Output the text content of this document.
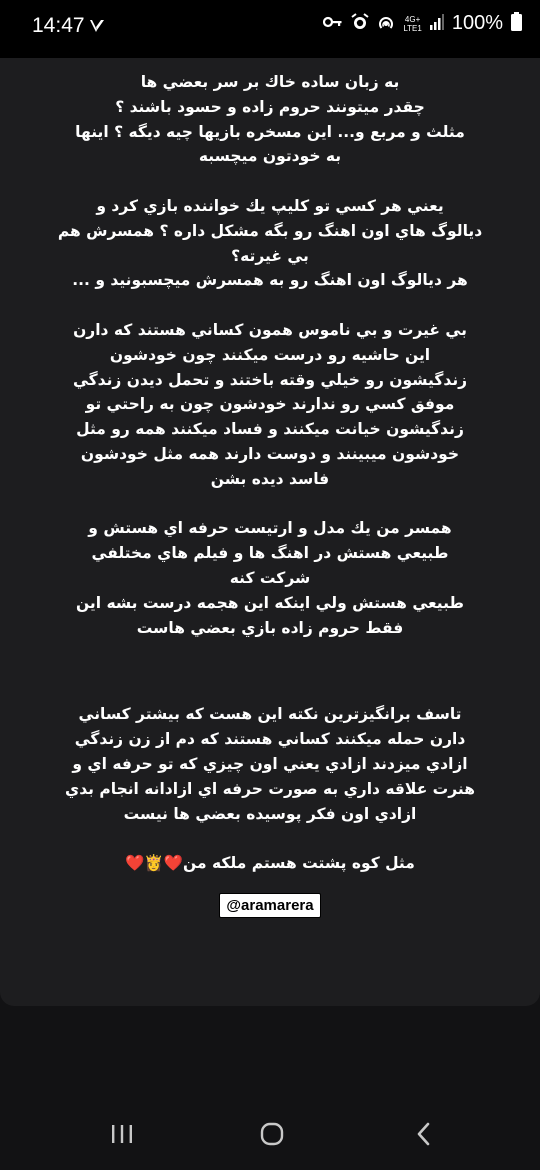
14:47	4G+
LTE1 100%
به زبان ساده خاك بر سر بعضي ها
چقدر ميتونند حروم زاده و حسود باشند ؟
مثلث و مربع و... اين مسخره بازيها چيه ديگه ؟ اينها
به خودتون ميچسبه
يعني هر كسي تو كليپ يك خواننده بازي كرد و
ديالوگ هاي اون اهنگ رو بگه مشكل داره ؟ همسرش هم
بي غيرته؟
هر ديالوگ اون اهنگ رو به همسرش ميچسبونيد و ...
بي غيرت و بي ناموس همون كساني هستند كه دارن
اين حاشيه رو درست ميكنند چون خودشون
زندگيشون رو خيلي وقته باختند و تحمل ديدن زندگي
موفق كسي رو ندارند خودشون چون به راحتي تو
زندگيشون خيانت ميكنند و فساد ميكنند همه رو مثل
خودشون ميبينند و دوست دارند همه مثل خودشون
فاسد ديده بشن
همسر من يك مدل و ارتيست حرفه اي هستش و
طبيعي هستش در اهنگ ها و فيلم هاي مختلفي
شركت كنه
طبيعي هستش ولي اينكه اين هجمه درست بشه اين
فقط حروم زاده بازي بعضي هاست
تاسف برانگيزترين نكته اين هست كه بيشتر كساني
دارن حمله ميكنند كساني هستند كه دم از زن زندگي
ازادي ميزدند ازادي يعني اون چيزي كه تو حرفه اي و
هنرت علاقه داري به صورت حرفه اي ازادانه انجام بدي
ازادي اون فكر پوسيده بعضي ها نيست
مثل كوه پشتت هستم ملكه من❤️👸❤️
@aramarera
